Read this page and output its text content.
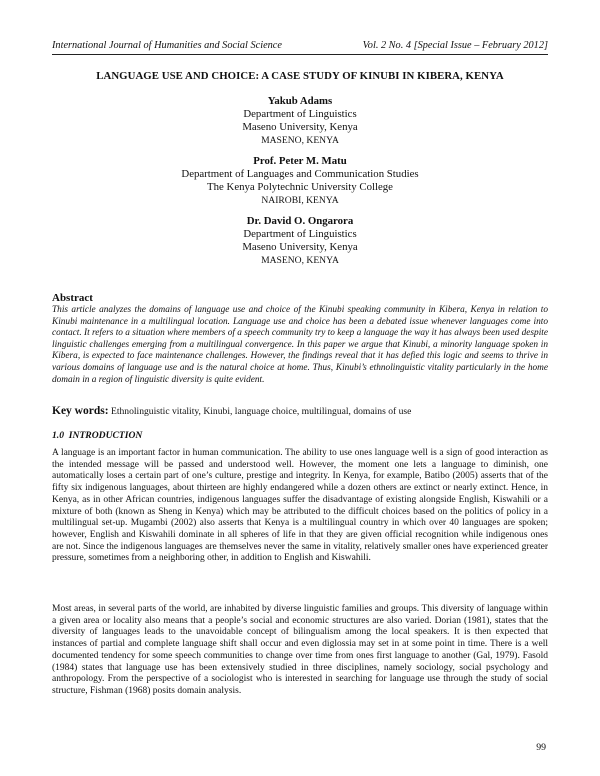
International Journal of Humanities and Social Science	Vol. 2 No. 4 [Special Issue – February 2012]
LANGUAGE USE AND CHOICE: A CASE STUDY OF KINUBI IN KIBERA, KENYA
Yakub Adams
Department of Linguistics
Maseno University, Kenya
MASENO, KENYA
Prof. Peter M. Matu
Department of Languages and Communication Studies
The Kenya Polytechnic University College
NAIROBI, KENYA
Dr. David O. Ongarora
Department of Linguistics
Maseno University, Kenya
MASENO, KENYA
Abstract
This article analyzes the domains of language use and choice of the Kinubi speaking community in Kibera, Kenya in relation to Kinubi maintenance in a multilingual location. Language use and choice has been a debated issue whenever languages come into contact. It refers to a situation where members of a speech community try to keep a language the way it has always been used despite linguistic challenges emerging from a multilingual convergence. In this paper we argue that Kinubi, a minority language spoken in Kibera, is expected to face maintenance challenges. However, the findings reveal that it has defied this logic and seems to thrive in various domains of language use and is the natural choice at home. Thus, Kinubi’s ethnolinguistic vitality particularly in the home domain in a region of linguistic diversity is quite evident.
Key words: Ethnolinguistic vitality, Kinubi, language choice, multilingual, domains of use
1.0  INTRODUCTION
A language is an important factor in human communication. The ability to use ones language well is a sign of good interaction as the intended message will be passed and understood well. However, the moment one lets a language to diminish, one automatically loses a certain part of one’s culture, prestige and integrity. In Kenya, for example, Batibo (2005) asserts that of the fifty six indigenous languages, about thirteen are highly endangered while a dozen others are extinct or nearly extinct. Hence, in Kenya, as in other African countries, indigenous languages suffer the disadvantage of existing alongside English, Kiswahili or a mixture of both (known as Sheng in Kenya) which may be attributed to the difficult choices based on the politics of policy in a multilingual set-up. Mugambi (2002) also asserts that Kenya is a multilingual country in which over 40 languages are spoken; however, English and Kiswahili dominate in all spheres of life in that they are given official recognition while indigenous ones are not. Since the indigenous languages are themselves never the same in vitality, relatively smaller ones have experienced greater pressure, sometimes from a neighboring other, in addition to English and Kiswahili.
Most areas, in several parts of the world, are inhabited by diverse linguistic families and groups. This diversity of language within a given area or locality also means that a people’s social and economic structures are also varied. Dorian (1981), states that the diversity of languages leads to the unavoidable concept of bilingualism among the local speakers. It is then expected that instances of partial and complete language shift shall occur and even diglossia may set in at some point in time. There is a well documented tendency for some speech communities to change over time from ones first language to another (Gal, 1979). Fasold (1984) states that language use has been extensively studied in three disciplines, namely sociology, social psychology and anthropology. From the perspective of a sociologist who is interested in searching for language use through the study of social structure, Fishman (1968) posits domain analysis.
99
